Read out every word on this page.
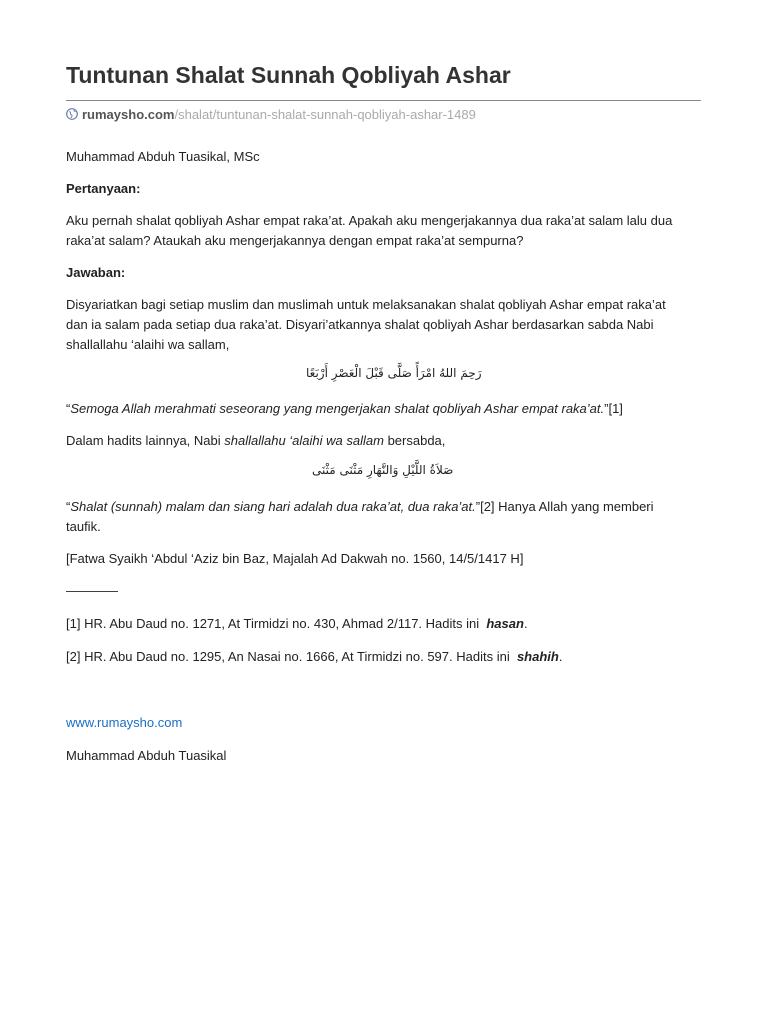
Tuntunan Shalat Sunnah Qobliyah Ashar
rumaysho.com/shalat/tuntunan-shalat-sunnah-qobliyah-ashar-1489

Muhammad Abduh Tuasikal, MSc

Pertanyaan:

Aku pernah shalat qobliyah Ashar empat raka’at. Apakah aku mengerjakannya dua raka’at salam lalu dua

raka’at salam? Ataukah aku mengerjakannya dengan empat raka’at sempurna?

Jawaban:

Disyariatkan bagi setiap muslim dan muslimah untuk melaksanakan shalat qobliyah Ashar empat raka’at

dan ia salam pada setiap dua raka’at. Disyari’atkannya shalat qobliyah Ashar berdasarkan sabda Nabi

shallallahu ‘alaihi wa sallam,

رَحِمَ اللهُ امْرَأً صَلَّى قَبْلَ الْعَصْرِ أَرْبَعًا

“Semoga Allah merahmati seseorang yang mengerjakan shalat qobliyah Ashar empat raka’at.”[1]

Dalam hadits lainnya, Nabi shallallahu ‘alaihi wa sallam bersabda,

صَلاَةُ اللَّيْلِ وَالنَّهَارِ مَثْنَى مَثْنَى

“Shalat (sunnah) malam dan siang hari adalah dua raka’at, dua raka’at.”[2] Hanya Allah yang memberi

taufik.

[Fatwa Syaikh ‘Abdul ‘Aziz bin Baz, Majalah Ad Dakwah no. 1560, 14/5/1417 H]

————

[1] HR. Abu Daud no. 1271, At Tirmidzi no. 430, Ahmad 2/117. Hadits ini  hasan.

[2] HR. Abu Daud no. 1295, An Nasai no. 1666, At Tirmidzi no. 597. Hadits ini  shahih.

www.rumaysho.com

Muhammad Abduh Tuasikal
